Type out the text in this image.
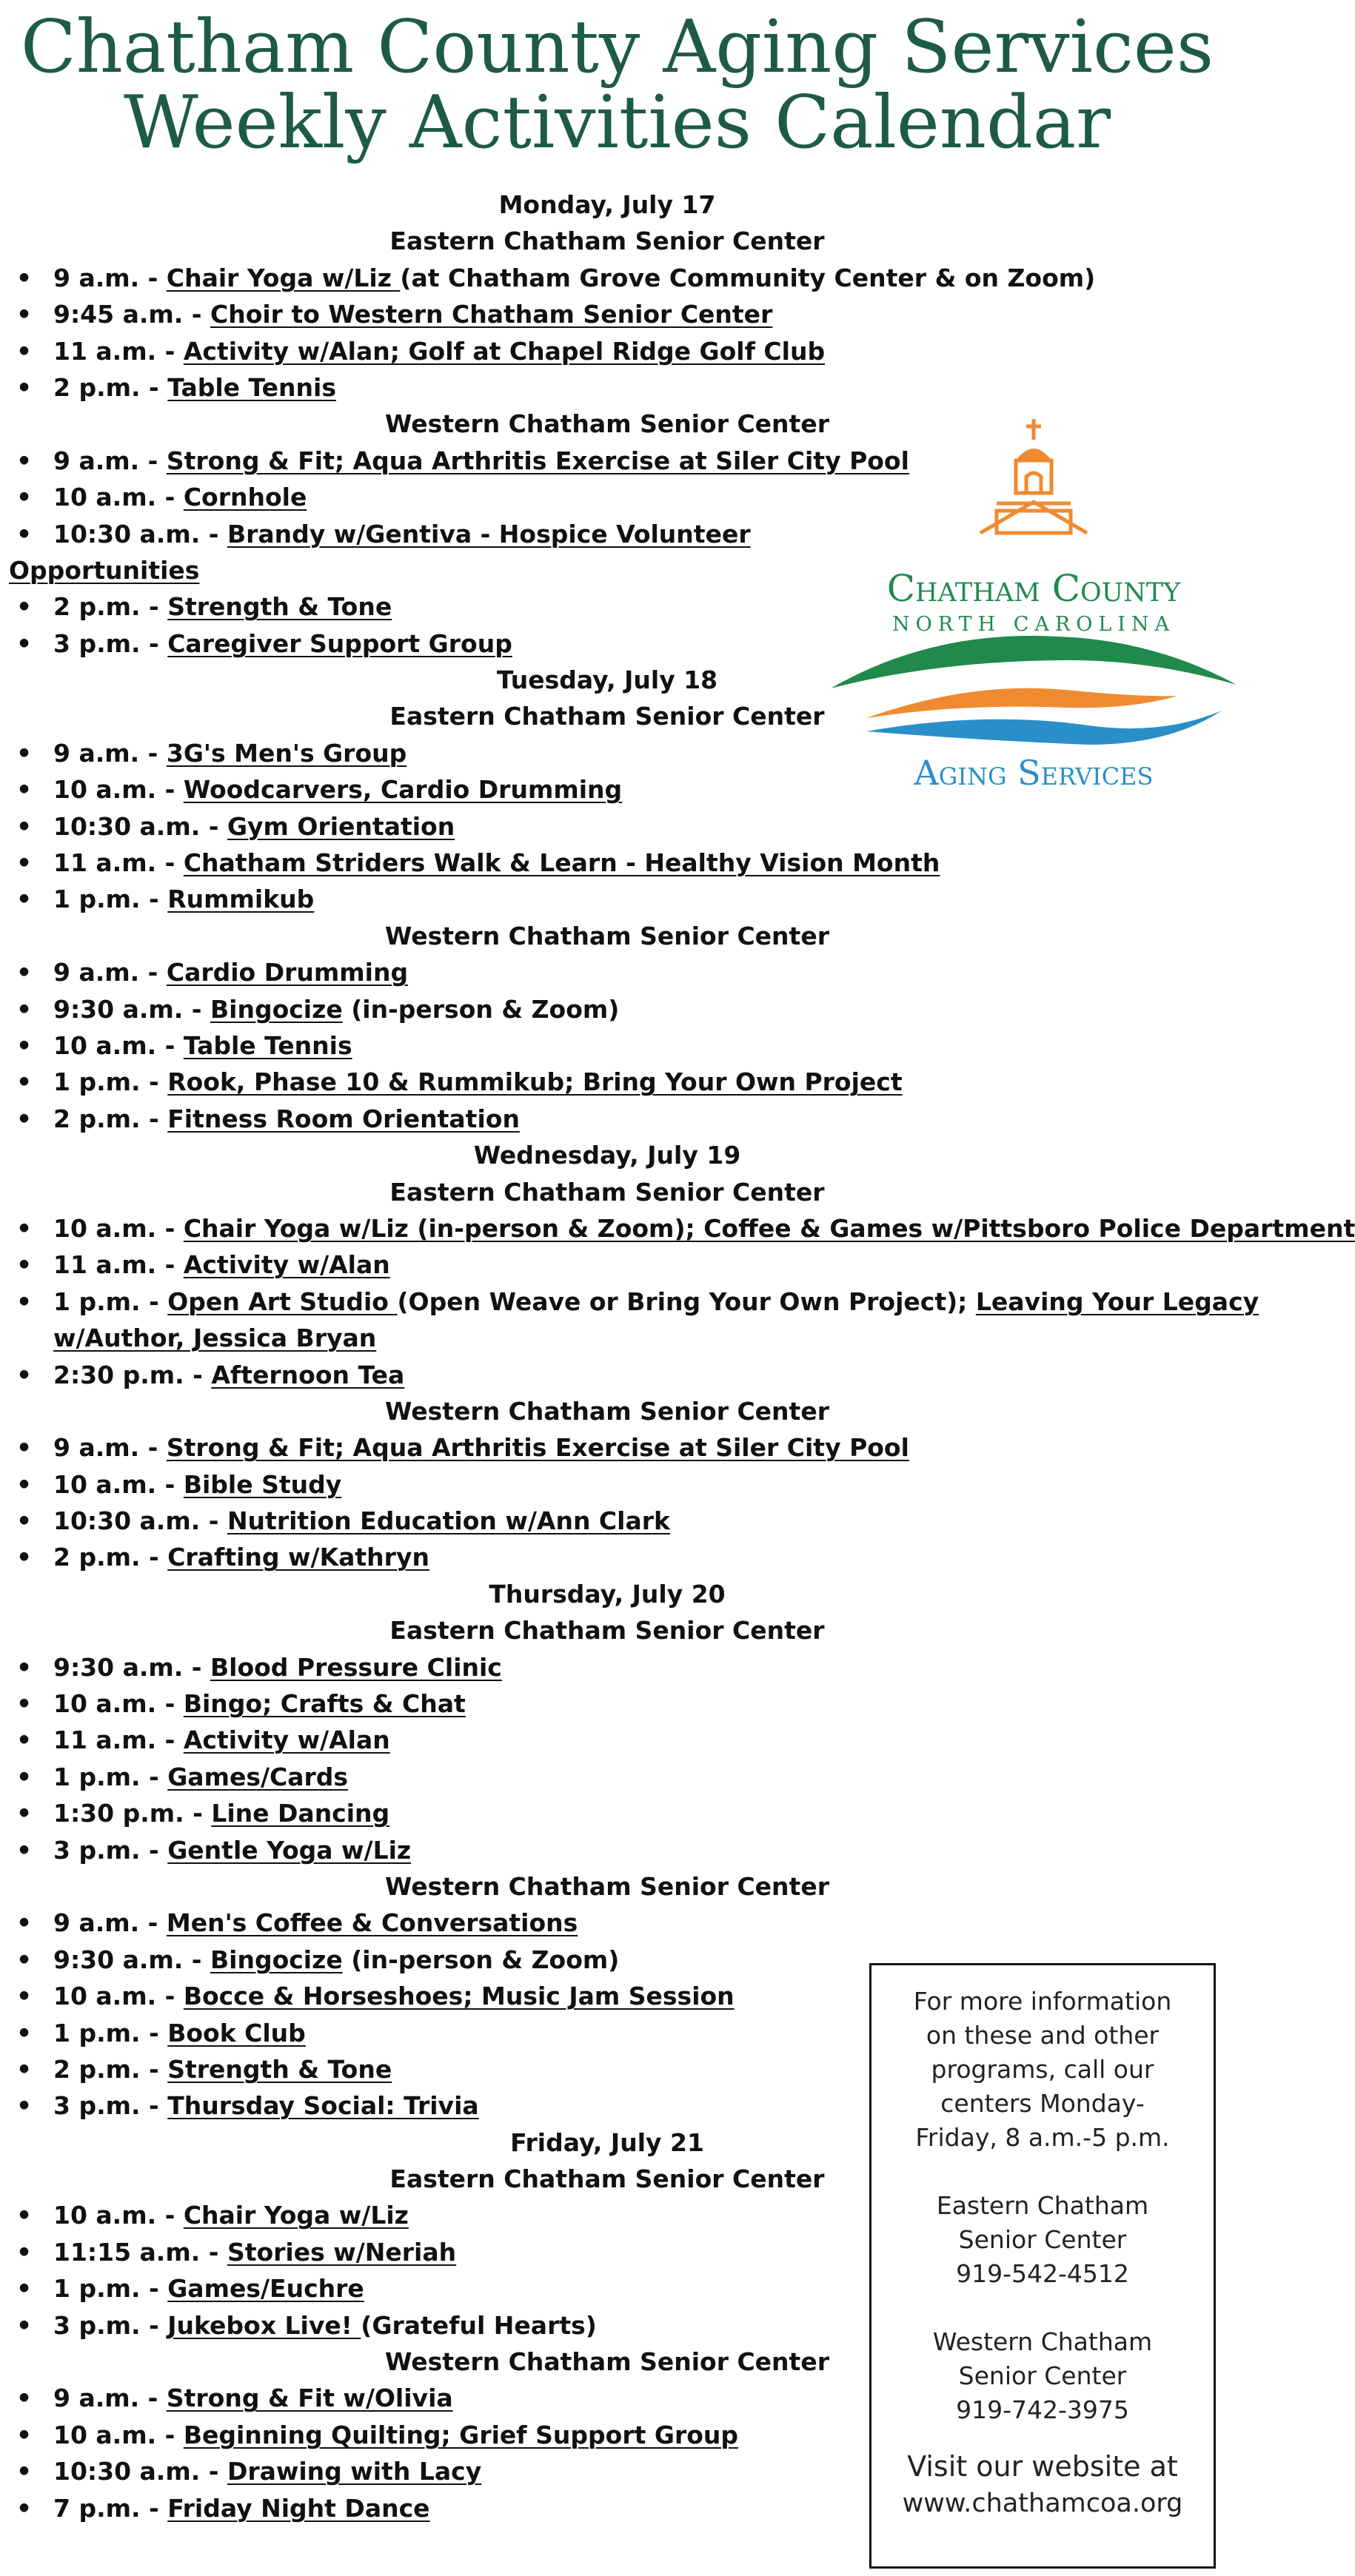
Chatham County Aging Services
Weekly Activities Calendar
Monday, July 17
Eastern Chatham Senior Center
• 9 a.m. - Chair Yoga w/Liz (at Chatham Grove Community Center & on Zoom)
• 9:45 a.m. - Choir to Western Chatham Senior Center
• 11 a.m. - Activity w/Alan; Golf at Chapel Ridge Golf Club
• 2 p.m. - Table Tennis
Western Chatham Senior Center
• 9 a.m. - Strong & Fit; Aqua Arthritis Exercise at Siler City Pool
• 10 a.m. - Cornhole
• 10:30 a.m. - Brandy w/Gentiva - Hospice Volunteer
Opportunities
• 2 p.m. - Strength & Tone
• 3 p.m. - Caregiver Support Group
Tuesday, July 18
Eastern Chatham Senior Center
• 9 a.m. - 3G's Men's Group
• 10 a.m. - Woodcarvers, Cardio Drumming
• 10:30 a.m. - Gym Orientation
• 11 a.m. - Chatham Striders Walk & Learn - Healthy Vision Month
• 1 p.m. - Rummikub
Western Chatham Senior Center
• 9 a.m. - Cardio Drumming
• 9:30 a.m. - Bingocize (in-person & Zoom)
• 10 a.m. - Table Tennis
• 1 p.m. - Rook, Phase 10 & Rummikub; Bring Your Own Project
• 2 p.m. - Fitness Room Orientation
Wednesday, July 19
Eastern Chatham Senior Center
• 10 a.m. - Chair Yoga w/Liz (in-person & Zoom); Coffee & Games w/Pittsboro Police Department
• 11 a.m. - Activity w/Alan
• 1 p.m. - Open Art Studio (Open Weave or Bring Your Own Project); Leaving Your Legacy
w/Author, Jessica Bryan
• 2:30 p.m. - Afternoon Tea
Western Chatham Senior Center
• 9 a.m. - Strong & Fit; Aqua Arthritis Exercise at Siler City Pool
• 10 a.m. - Bible Study
• 10:30 a.m. - Nutrition Education w/Ann Clark
• 2 p.m. - Crafting w/Kathryn
Thursday, July 20
Eastern Chatham Senior Center
• 9:30 a.m. - Blood Pressure Clinic
• 10 a.m. - Bingo; Crafts & Chat
• 11 a.m. - Activity w/Alan
• 1 p.m. - Games/Cards
• 1:30 p.m. - Line Dancing
• 3 p.m. - Gentle Yoga w/Liz
Western Chatham Senior Center
• 9 a.m. - Men's Coffee & Conversations
• 9:30 a.m. - Bingocize (in-person & Zoom)
• 10 a.m. - Bocce & Horseshoes; Music Jam Session
• 1 p.m. - Book Club
• 2 p.m. - Strength & Tone
• 3 p.m. - Thursday Social: Trivia
Friday, July 21
Eastern Chatham Senior Center
• 10 a.m. - Chair Yoga w/Liz
• 11:15 a.m. - Stories w/Neriah
• 1 p.m. - Games/Euchre
• 3 p.m. - Jukebox Live! (Grateful Hearts)
Western Chatham Senior Center
• 9 a.m. - Strong & Fit w/Olivia
• 10 a.m. - Beginning Quilting; Grief Support Group
• 10:30 a.m. - Drawing with Lacy
• 7 p.m. - Friday Night Dance
Chatham County
NORTH CAROLINA
Aging Services
For more information
on these and other
programs, call our
centers Monday-
Friday, 8 a.m.-5 p.m.
Eastern Chatham
Senior Center
919-542-4512
Western Chatham
Senior Center
919-742-3975
Visit our website at
www.chathamcoa.org
